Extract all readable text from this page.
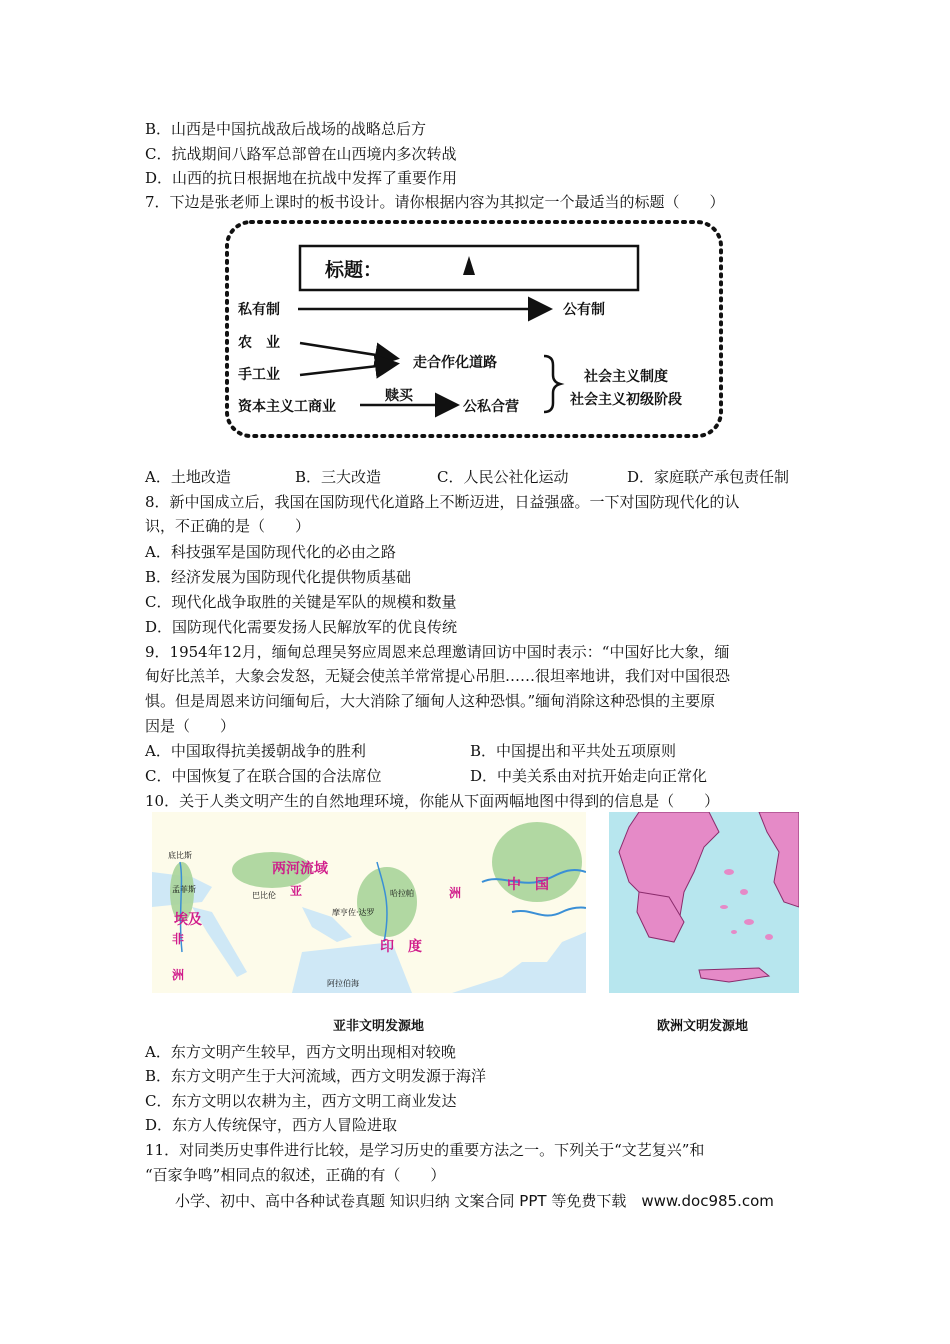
B．山西是中国抗战敌后战场的战略总后方
C．抗战期间八路军总部曾在山西境内多次转战
D．山西的抗日根据地在抗战中发挥了重要作用
7．下边是张老师上课时的板书设计。请你根据内容为其拟定一个最适当的标题（　　）
标题：
私有制	公有制
农　业
走合作化道路
手工业
赎买
资本主义工商业	公私合营
社会主义制度
社会主义初级阶段
A．土地改造	B．三大改造	C．人民公社化运动	D．家庭联产承包责任制
8．新中国成立后，我国在国防现代化道路上不断迈进，日益强盛。一下对国防现代化的认
识，不正确的是（　　）
A．科技强军是国防现代化的必由之路
B．经济发展为国防现代化提供物质基础
C．现代化战争取胜的关键是军队的规模和数量
D．国防现代化需要发扬人民解放军的优良传统
9．1954年12月，缅甸总理吴努应周恩来总理邀请回访中国时表示：“中国好比大象，缅
甸好比羔羊，大象会发怒，无疑会使羔羊常常提心吊胆……很坦率地讲，我们对中国很恐
惧。但是周恩来访问缅甸后，大大消除了缅甸人这种恐惧。”缅甸消除这种恐惧的主要原
因是（　　）
A．中国取得抗美援朝战争的胜利	B．中国提出和平共处五项原则
C．中国恢复了在联合国的合法席位	D．中美关系由对抗开始走向正常化
10．关于人类文明产生的自然地理环境，你能从下面两幅地图中得到的信息是（　　）
两河流域
亚	洲	中　国
埃及
非
洲
印　度
巴比伦
摩亨佐·达罗
哈拉帕
阿拉伯海
孟菲斯
底比斯
亚非文明发源地	欧洲文明发源地
A．东方文明产生较早，西方文明出现相对较晚
B．东方文明产生于大河流域，西方文明发源于海洋
C．东方文明以农耕为主，西方文明工商业发达
D．东方人传统保守，西方人冒险进取
11．对同类历史事件进行比较，是学习历史的重要方法之一。下列关于“文艺复兴”和
“百家争鸣”相同点的叙述，正确的有（　　）
小学、初中、高中各种试卷真题 知识归纳 文案合同 PPT 等免费下载　www.doc985.com
